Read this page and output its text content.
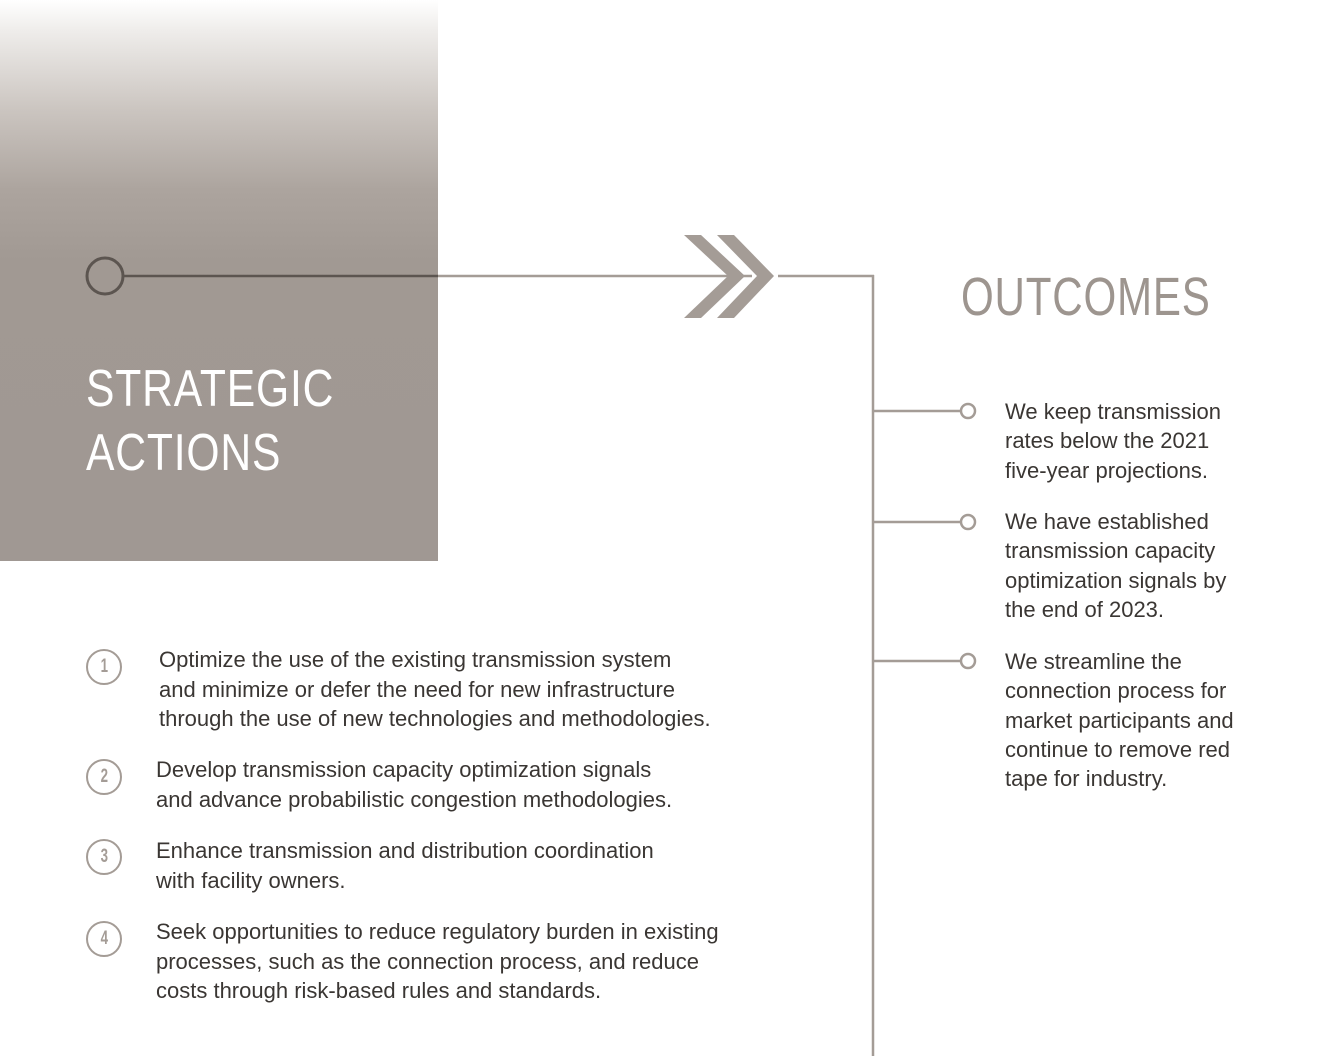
STRATEGIC
ACTIONS
OUTCOMES
We keep transmission
rates below the 2021
five-year projections.
We have established
transmission capacity
optimization signals by
the end of 2023.
We streamline the
connection process for
market participants and
continue to remove red
tape for industry.
1 Optimize the use of the existing transmission system
and minimize or defer the need for new infrastructure
through the use of new technologies and methodologies.
2 Develop transmission capacity optimization signals
and advance probabilistic congestion methodologies.
3 Enhance transmission and distribution coordination
with facility owners.
4 Seek opportunities to reduce regulatory burden in existing
processes, such as the connection process, and reduce
costs through risk-based rules and standards.
